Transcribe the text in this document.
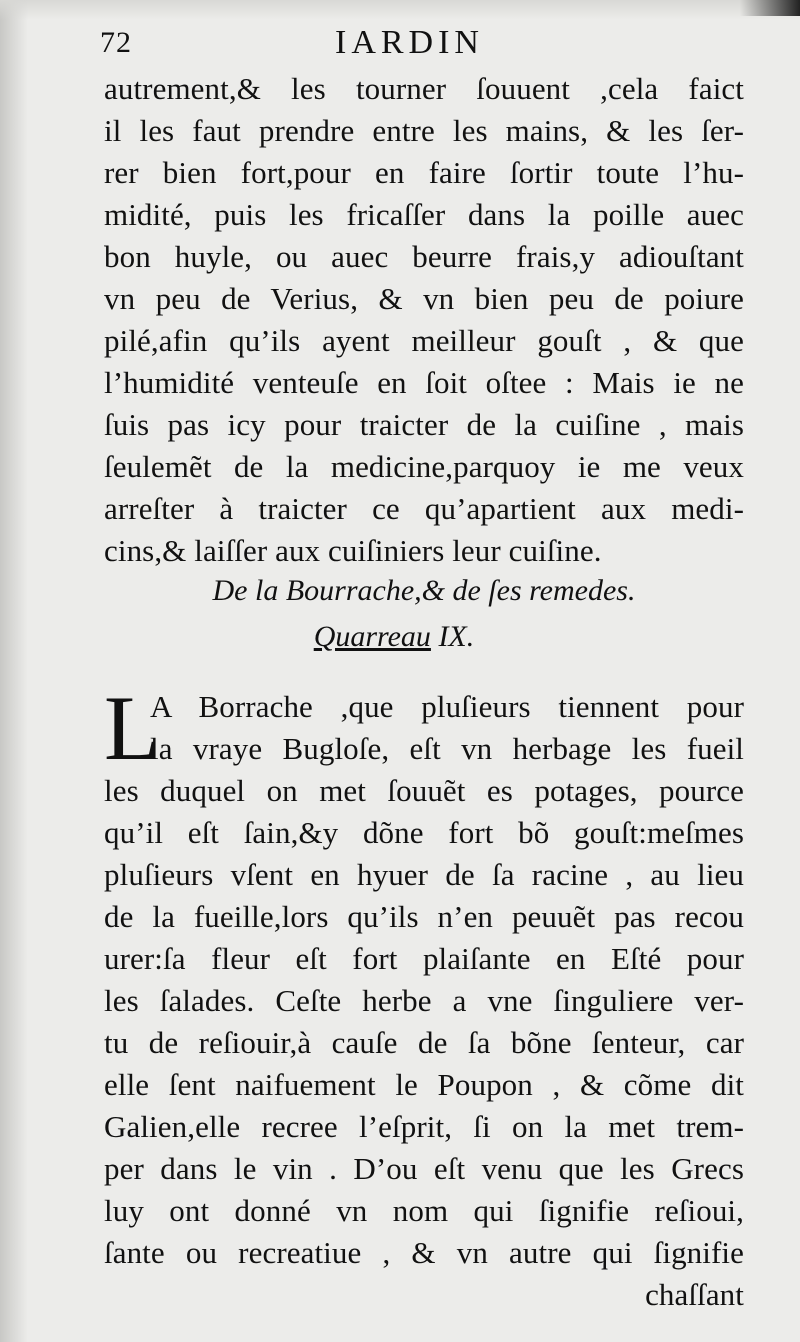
72	IARDIN
autrement,& les tourner ſouuent ,cela faict
il les faut prendre entre les mains, & les ſer-
rer bien fort,pour en faire ſortir toute l’hu-
midité, puis les fricaſſer dans la poille auec
bon huyle, ou auec beurre frais,y adiouſtant
vn peu de Verius, & vn bien peu de poiure
pilé,afin qu’ils ayent meilleur gouſt , & que
l’humidité venteuſe en ſoit oſtee : Mais ie ne
ſuis pas icy pour traicter de la cuiſine , mais
ſeulemẽt de la medicine,parquoy ie me veux
arreſter à traicter ce qu’apartient aux medi-
cins,& laiſſer aux cuiſiniers leur cuiſine.
De la Bourrache,& de ſes remedes.
Quarreau IX.
L
A Borrache ,que pluſieurs tiennent pour
la vraye Bugloſe, eſt vn herbage les fueil
les duquel on met ſouuẽt es potages, pource
qu’il eſt ſain,&y dõne fort bõ gouſt:meſmes
pluſieurs vſent en hyuer de ſa racine , au lieu
de la fueille,lors qu’ils n’en peuuẽt pas recou
urer:ſa fleur eſt fort plaiſante en Eſté pour
les ſalades. Ceſte herbe a vne ſinguliere ver-
tu de reſiouir,à cauſe de ſa bõne ſenteur, car
elle ſent naifuement le Poupon , & cõme dit
Galien,elle recree l’eſprit, ſi on la met trem-
per dans le vin . D’ou eſt venu que les Grecs
luy ont donné vn nom qui ſignifie reſioui,
ſante ou recreatiue , & vn autre qui ſignifie
chaſſant
